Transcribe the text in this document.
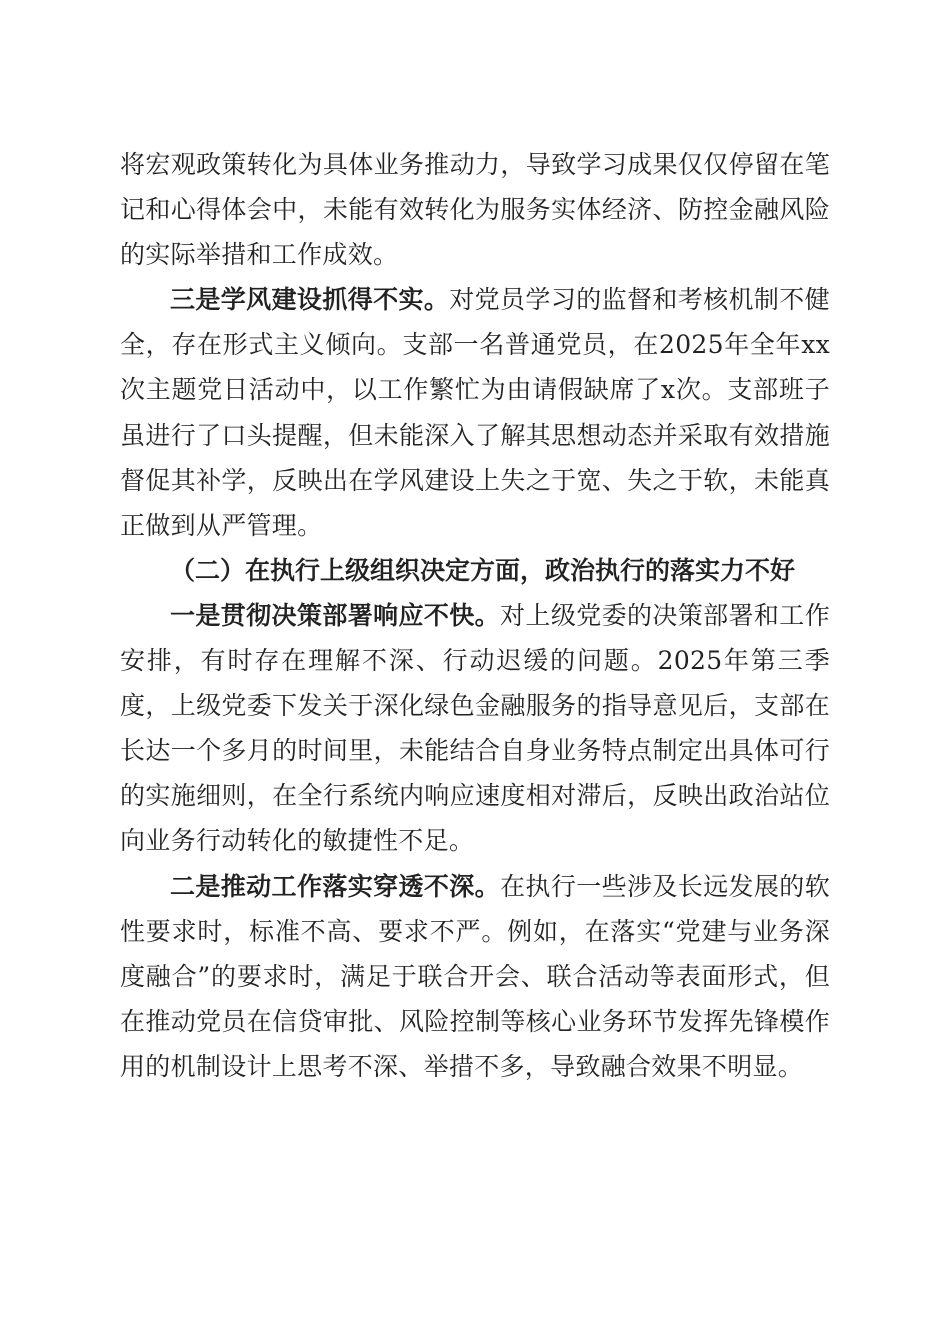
将宏观政策转化为具体业务推动力，导致学习成果仅仅停留在笔记和心得体会中，未能有效转化为服务实体经济、防控金融风险的实际举措和工作成效。

三是学风建设抓得不实。对党员学习的监督和考核机制不健全，存在形式主义倾向。支部一名普通党员，在2025年全年xx次主题党日活动中，以工作繁忙为由请假缺席了x次。支部班子虽进行了口头提醒，但未能深入了解其思想动态并采取有效措施督促其补学，反映出在学风建设上失之于宽、失之于软，未能真正做到从严管理。

（二）在执行上级组织决定方面，政治执行的落实力不好

一是贯彻决策部署响应不快。对上级党委的决策部署和工作安排，有时存在理解不深、行动迟缓的问题。2025年第三季度，上级党委下发关于深化绿色金融服务的指导意见后，支部在长达一个多月的时间里，未能结合自身业务特点制定出具体可行的实施细则，在全行系统内响应速度相对滞后，反映出政治站位向业务行动转化的敏捷性不足。

二是推动工作落实穿透不深。在执行一些涉及长远发展的软性要求时，标准不高、要求不严。例如，在落实“党建与业务深度融合”的要求时，满足于联合开会、联合活动等表面形式，但在推动党员在信贷审批、风险控制等核心业务环节发挥先锋模作用的机制设计上思考不深、举措不多，导致融合效果不明显。
